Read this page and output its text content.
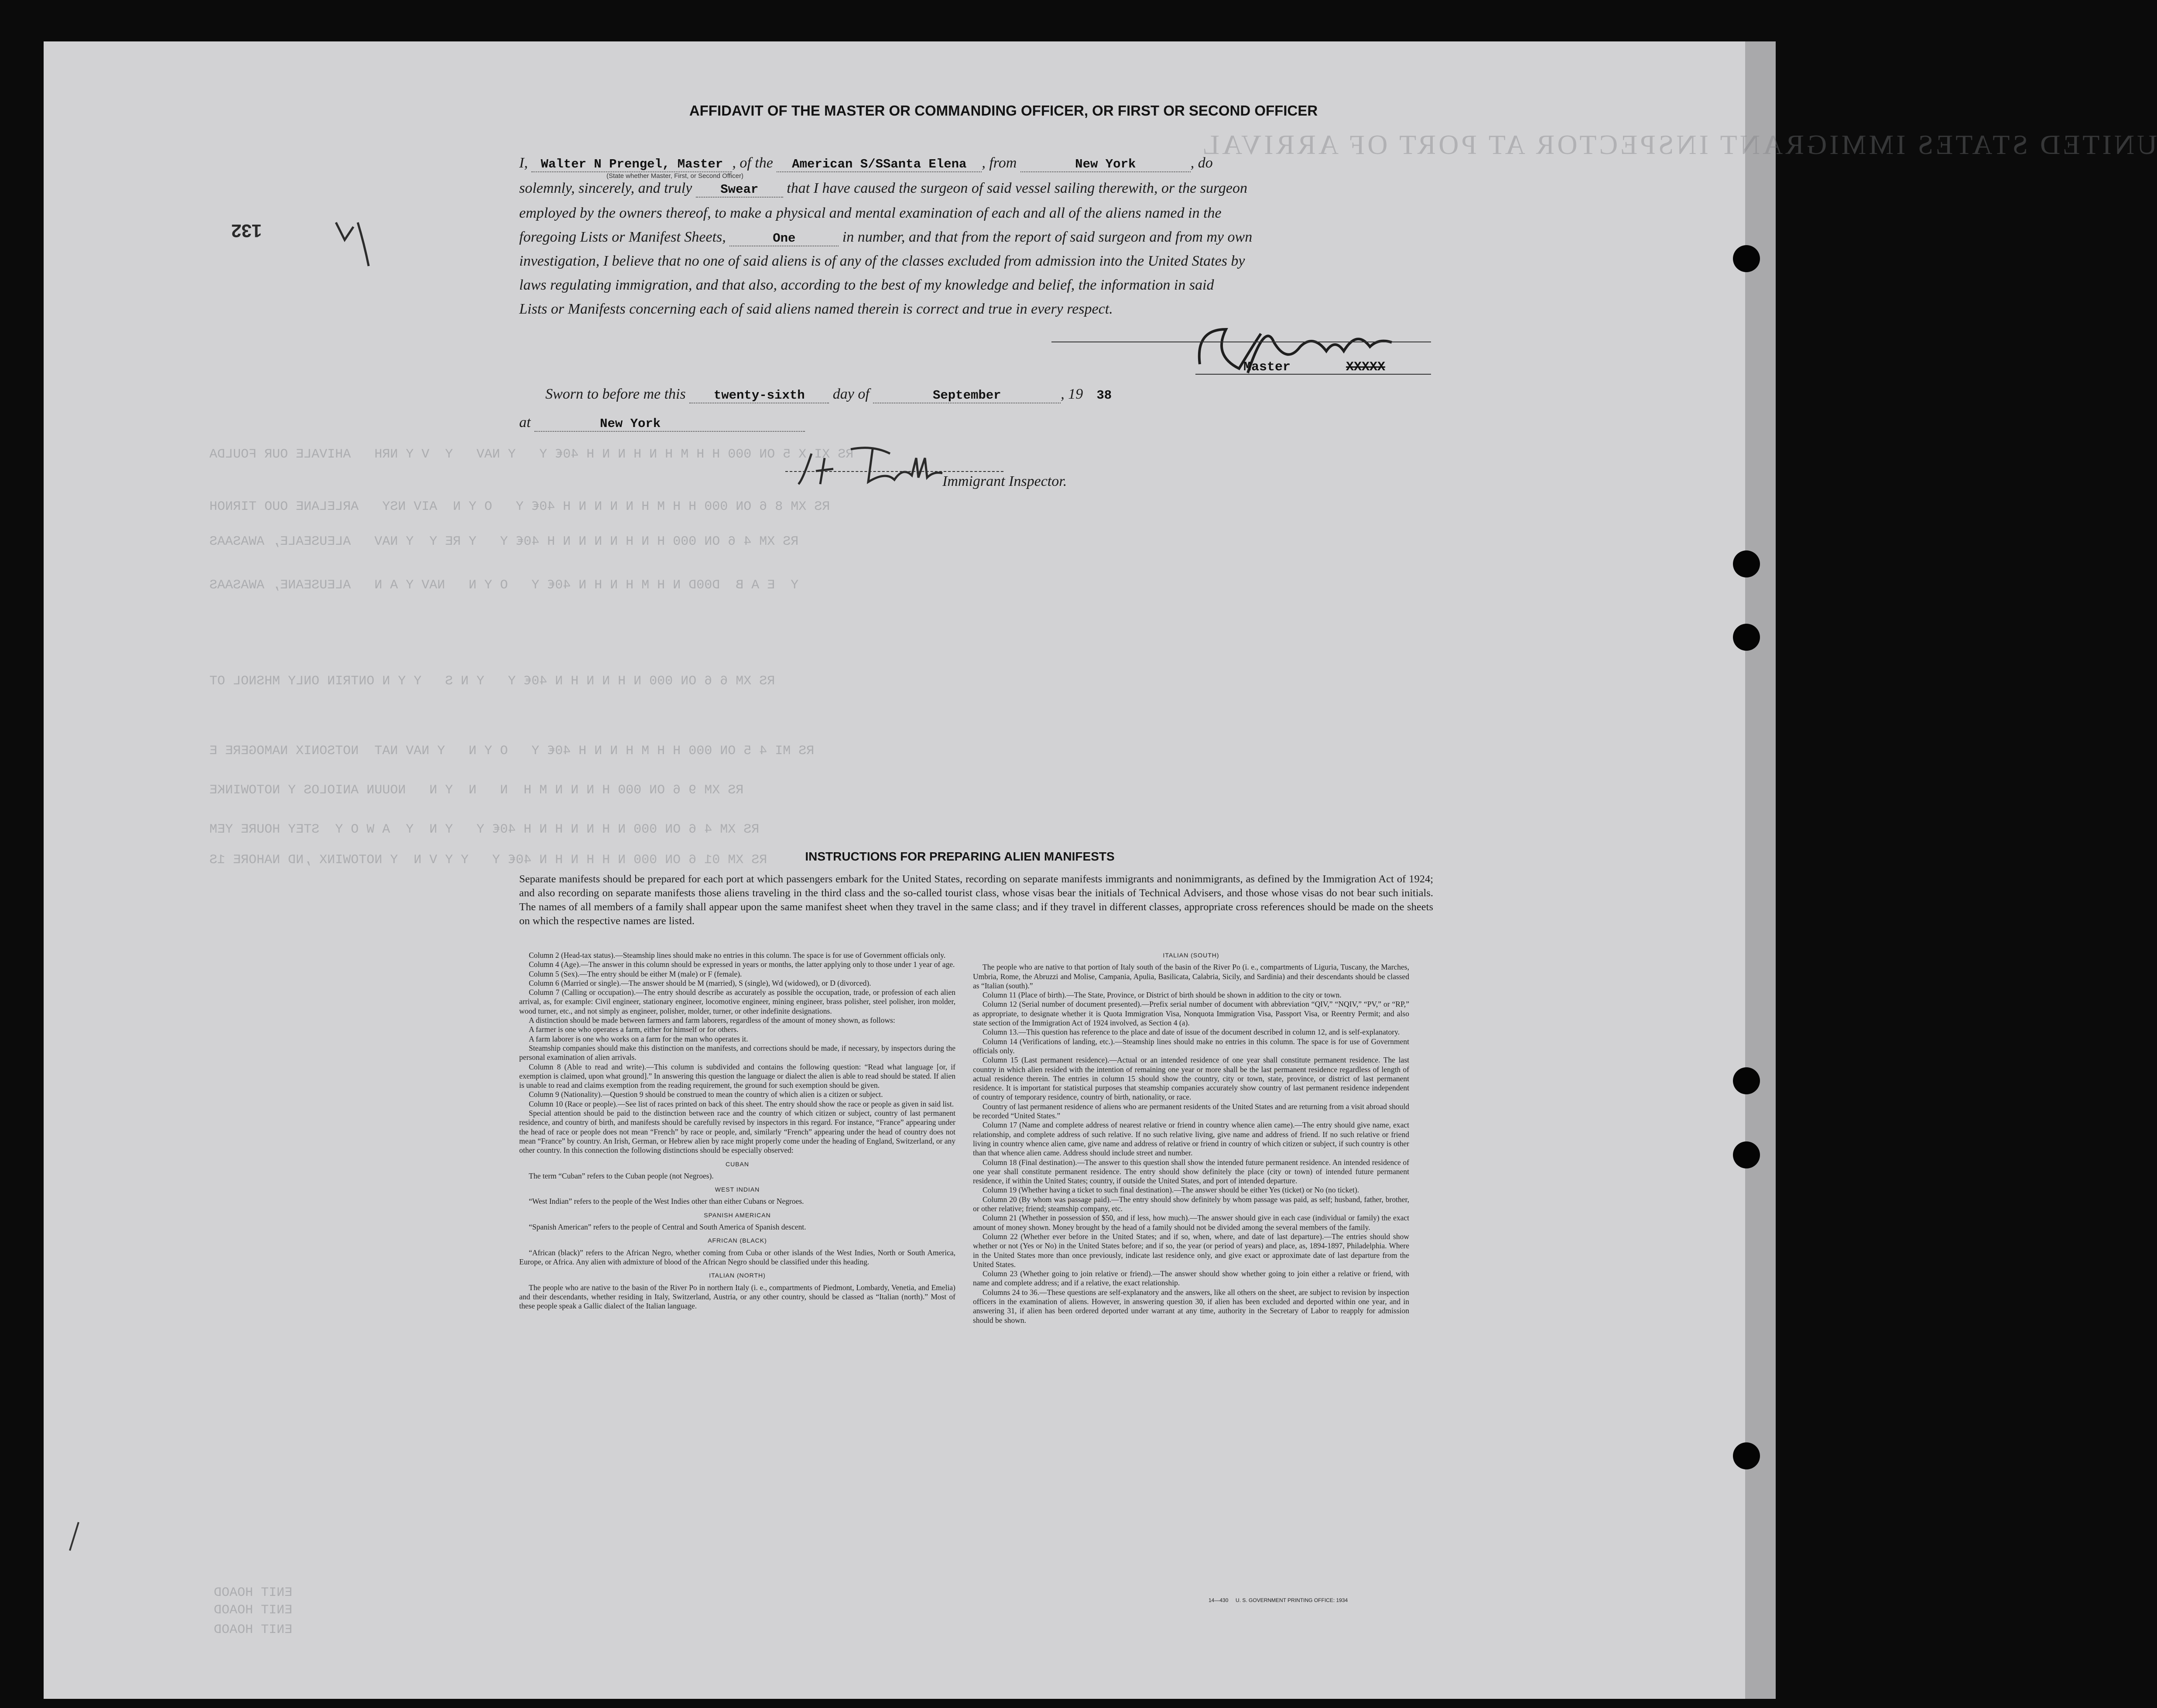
UNITED STATES IMMIGRANT INSPECTOR AT PORT OF ARRIVAL
RS XI X 5 ON 000 H H M H N H N N H 40€ Y   Y NAV   Y  V Y NRH   AHIVALE OUR FOULDA
RS XM 8 6 ON 000 H H M H N N N N H 40€ Y   O Y N  AIV NSY   ARLELANE OUO TIRNOH
RS XM 4 6 ON 000 H N H N N N N H 40€ Y   Y RE Y  Y NAV   ALEUSEALE, AWASAAS
Y  E A B  D00D N H M H N H N 40€ Y   O Y N   NAV Y A N   ALEUSEANE, AWASAAS
RS XM 6 6 ON 000 N H N N H N 40€ Y   Y N S   Y Y N ONTRIN ONLY MHSNOL OT
RS MI 4 5 ON 000 H H M H N N H 40€ Y   O Y N   Y NAV NAT  NOTSONIX NAMOGERE E
RS XM 9 6 ON 000 H N N N M H  N   N  Y N   NOUUN ANIOLOS Y NOTOWINKE
RS XM 4 6 ON 000 N H N N H N H 40€ Y   Y N  Y  A W O Y  STEY HOURE YEM
RS XM 01 6 ON 000 N H H N H N 40€ Y   Y Y V N  Y NOTOWINX ,ND NAHORE 1S
ENIT HOAOD
ENIT HOAOD
ENIT HOAOD
132
AFFIDAVIT OF THE MASTER OR COMMANDING OFFICER, OR FIRST OR SECOND OFFICER
I, Walter N Prengel, Master , of the American S/SSanta Elena , from	New York	, do
(State whether Master, First, or Second Officer)
solemnly, sincerely, and truly Swear that I have caused the surgeon of said vessel sailing therewith, or the surgeon
employed by the owners thereof, to make a physical and mental examination of each and all of the aliens named in the
foregoing Lists or Manifest Sheets,	One	in number, and that from the report of said surgeon and from my own
investigation, I believe that no one of said aliens is of any of the classes excluded from admission into the United States by
laws regulating immigration, and that also, according to the best of my knowledge and belief, the information in said
Lists or Manifests concerning each of said aliens named therein is correct and true in every respect.
Master	XXXXX
Sworn to before me this twenty-sixth day of	September	, 19 38
at	New York
Immigrant Inspector.
INSTRUCTIONS FOR PREPARING ALIEN MANIFESTS
Separate manifests should be prepared for each port at which passengers embark for the United States, recording on separate manifests immigrants and nonimmigrants, as defined by the Immigration Act of 1924; and also recording on separate manifests those aliens traveling in the third class and the so-called tourist class, whose visas bear the initials of Technical Advisers, and those whose visas do not bear such initials. The names of all members of a family shall appear upon the same manifest sheet when they travel in the same class; and if they travel in different classes, appropriate cross references should be made on the sheets on which the respective names are listed.

Column 2 (Head-tax status).—Steamship lines should make no entries in this column. The space is for use of Government officials only.

Column 4 (Age).—The answer in this column should be expressed in years or months, the latter applying only to those under 1 year of age.

Column 5 (Sex).—The entry should be either M (male) or F (female).

Column 6 (Married or single).—The answer should be M (married), S (single), Wd (widowed), or D (divorced).

Column 7 (Calling or occupation).—The entry should describe as accurately as possible the occupation, trade, or profession of each alien arrival, as, for example: Civil engineer, stationary engineer, locomotive engineer, mining engineer, brass polisher, steel polisher, iron molder, wood turner, etc., and not simply as engineer, polisher, molder, turner, or other indefinite designations.

A distinction should be made between farmers and farm laborers, regardless of the amount of money shown, as follows:

A farmer is one who operates a farm, either for himself or for others.

A farm laborer is one who works on a farm for the man who operates it.

Steamship companies should make this distinction on the manifests, and corrections should be made, if necessary, by inspectors during the personal examination of alien arrivals.

Column 8 (Able to read and write).—This column is subdivided and contains the following question: “Read what language [or, if exemption is claimed, upon what ground].” In answering this question the language or dialect the alien is able to read should be stated. If alien is unable to read and claims exemption from the reading requirement, the ground for such exemption should be given.

Column 9 (Nationality).—Question 9 should be construed to mean the country of which alien is a citizen or subject.

Column 10 (Race or people).—See list of races printed on back of this sheet. The entry should show the race or people as given in said list.

Special attention should be paid to the distinction between race and the country of which citizen or subject, country of last permanent residence, and country of birth, and manifests should be carefully revised by inspectors in this regard. For instance, “France” appearing under the head of race or people does not mean “French” by race or people, and, similarly “French” appearing under the head of country does not mean “France” by country. An Irish, German, or Hebrew alien by race might properly come under the heading of England, Switzerland, or any other country. In this connection the following distinctions should be especially observed:

CUBAN

The term “Cuban” refers to the Cuban people (not Negroes).

WEST INDIAN

“West Indian” refers to the people of the West Indies other than either Cubans or Negroes.

SPANISH AMERICAN

“Spanish American” refers to the people of Central and South America of Spanish descent.

AFRICAN (BLACK)

“African (black)” refers to the African Negro, whether coming from Cuba or other islands of the West Indies, North or South America, Europe, or Africa. Any alien with admixture of blood of the African Negro should be classified under this heading.

ITALIAN (NORTH)

The people who are native to the basin of the River Po in northern Italy (i. e., compartments of Piedmont, Lombardy, Venetia, and Emelia) and their descendants, whether residing in Italy, Switzerland, Austria, or any other country, should be classed as “Italian (north).” Most of these people speak a Gallic dialect of the Italian language.

ITALIAN (SOUTH)

The people who are native to that portion of Italy south of the basin of the River Po (i. e., compartments of Liguria, Tuscany, the Marches, Umbria, Rome, the Abruzzi and Molise, Campania, Apulia, Basilicata, Calabria, Sicily, and Sardinia) and their descendants should be classed as “Italian (south).”

Column 11 (Place of birth).—The State, Province, or District of birth should be shown in addition to the city or town.

Column 12 (Serial number of document presented).—Prefix serial number of document with abbreviation “QIV,” “NQIV,” “PV,” or “RP,” as appropriate, to designate whether it is Quota Immigration Visa, Nonquota Immigration Visa, Passport Visa, or Reentry Permit; and also state section of the Immigration Act of 1924 involved, as Section 4 (a).

Column 13.—This question has reference to the place and date of issue of the document described in column 12, and is self-explanatory.

Column 14 (Verifications of landing, etc.).—Steamship lines should make no entries in this column. The space is for use of Government officials only.

Column 15 (Last permanent residence).—Actual or an intended residence of one year shall constitute permanent residence. The last country in which alien resided with the intention of remaining one year or more shall be the last permanent residence regardless of length of actual residence therein. The entries in column 15 should show the country, city or town, state, province, or district of last permanent residence. It is important for statistical purposes that steamship companies accurately show country of last permanent residence independent of country of temporary residence, country of birth, nationality, or race.

Country of last permanent residence of aliens who are permanent residents of the United States and are returning from a visit abroad should be recorded “United States.”

Column 17 (Name and complete address of nearest relative or friend in country whence alien came).—The entry should give name, exact relationship, and complete address of such relative. If no such relative living, give name and address of friend. If no such relative or friend living in country whence alien came, give name and address of relative or friend in country of which citizen or subject, if such country is other than that whence alien came. Address should include street and number.

Column 18 (Final destination).—The answer to this question shall show the intended future permanent residence. An intended residence of one year shall constitute permanent residence. The entry should show definitely the place (city or town) of intended future permanent residence, if within the United States; country, if outside the United States, and port of intended departure.

Column 19 (Whether having a ticket to such final destination).—The answer should be either Yes (ticket) or No (no ticket).

Column 20 (By whom was passage paid).—The entry should show definitely by whom passage was paid, as self; husband, father, brother, or other relative; friend; steamship company, etc.

Column 21 (Whether in possession of $50, and if less, how much).—The answer should give in each case (individual or family) the exact amount of money shown. Money brought by the head of a family should not be divided among the several members of the family.

Column 22 (Whether ever before in the United States; and if so, when, where, and date of last departure).—The entries should show whether or not (Yes or No) in the United States before; and if so, the year (or period of years) and place, as, 1894-1897, Philadelphia. Where in the United States more than once previously, indicate last residence only, and give exact or approximate date of last departure from the United States.

Column 23 (Whether going to join relative or friend).—The answer should show whether going to join either a relative or friend, with name and complete address; and if a relative, the exact relationship.

Columns 24 to 36.—These questions are self-explanatory and the answers, like all others on the sheet, are subject to revision by inspection officers in the examination of aliens. However, in answering question 30, if alien has been excluded and deported within one year, and in answering 31, if alien has been ordered deported under warrant at any time, authority in the Secretary of Labor to reapply for admission should be shown.

14—430 U. S. GOVERNMENT PRINTING OFFICE: 1934
